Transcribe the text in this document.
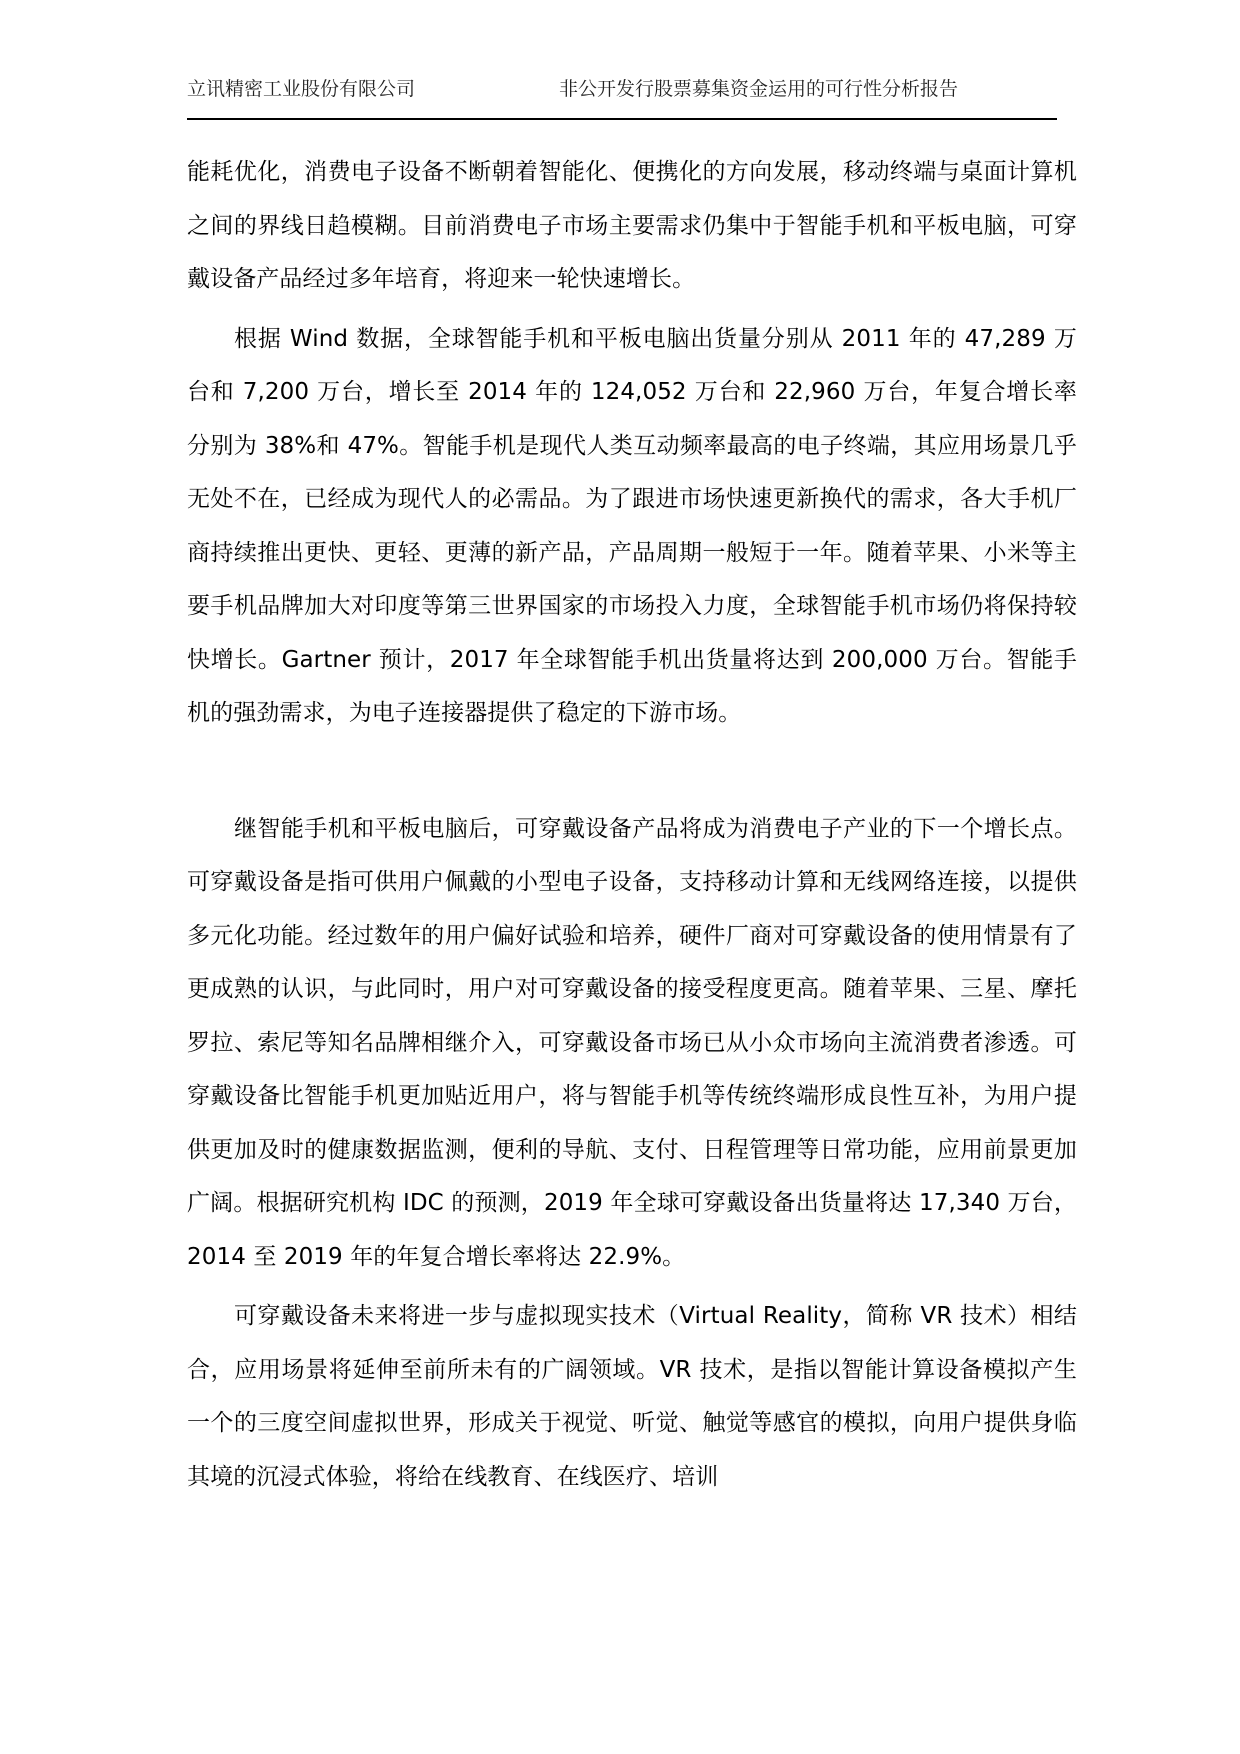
立讯精密工业股份有限公司	非公开发行股票募集资金运用的可行性分析报告

能耗优化，消费电子设备不断朝着智能化、便携化的方向发展，移动终端与桌面计算机之间的界线日趋模糊。目前消费电子市场主要需求仍集中于智能手机和平板电脑，可穿戴设备产品经过多年培育，将迎来一轮快速增长。

根据 Wind 数据，全球智能手机和平板电脑出货量分别从 2011 年的 47,289 万台和 7,200 万台，增长至 2014 年的 124,052 万台和 22,960 万台，年复合增长率分别为 38%和 47%。智能手机是现代人类互动频率最高的电子终端，其应用场景几乎无处不在，已经成为现代人的必需品。为了跟进市场快速更新换代的需求，各大手机厂商持续推出更快、更轻、更薄的新产品，产品周期一般短于一年。随着苹果、小米等主要手机品牌加大对印度等第三世界国家的市场投入力度，全球智能手机市场仍将保持较快增长。Gartner 预计，2017 年全球智能手机出货量将达到 200,000 万台。智能手机的强劲需求，为电子连接器提供了稳定的下游市场。

继智能手机和平板电脑后，可穿戴设备产品将成为消费电子产业的下一个增长点。可穿戴设备是指可供用户佩戴的小型电子设备，支持移动计算和无线网络连接，以提供多元化功能。经过数年的用户偏好试验和培养，硬件厂商对可穿戴设备的使用情景有了更成熟的认识，与此同时，用户对可穿戴设备的接受程度更高。随着苹果、三星、摩托罗拉、索尼等知名品牌相继介入，可穿戴设备市场已从小众市场向主流消费者渗透。可穿戴设备比智能手机更加贴近用户，将与智能手机等传统终端形成良性互补，为用户提供更加及时的健康数据监测，便利的导航、支付、日程管理等日常功能，应用前景更加广阔。根据研究机构 IDC 的预测，2019 年全球可穿戴设备出货量将达 17,340 万台，2014 至 2019 年的年复合增长率将达 22.9%。

可穿戴设备未来将进一步与虚拟现实技术（Virtual Reality，简称 VR 技术）相结合，应用场景将延伸至前所未有的广阔领域。VR 技术，是指以智能计算设备模拟产生一个的三度空间虚拟世界，形成关于视觉、听觉、触觉等感官的模拟，向用户提供身临其境的沉浸式体验，将给在线教育、在线医疗、培训
